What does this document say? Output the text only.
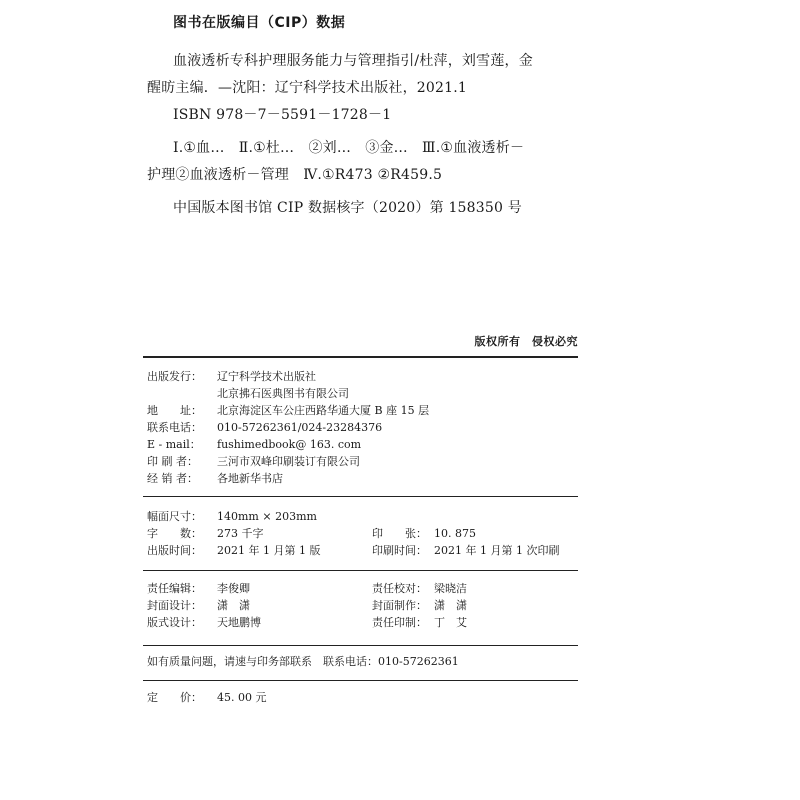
图书在版编目（CIP）数据
血液透析专科护理服务能力与管理指引/杜萍，刘雪莲，金
醒昉主编．—沈阳：辽宁科学技术出版社，2021.1
ISBN 978－7－5591－1728－1
Ⅰ.①血…　Ⅱ.①杜…　②刘…　③金…　Ⅲ.①血液透析－
护理②血液透析－管理　Ⅳ.①R473 ②R459.5
中国版本图书馆 CIP 数据核字（2020）第 158350 号
版权所有　侵权必究
出版发行：	辽宁科学技术出版社
北京拂石医典图书有限公司
地　　址：	北京海淀区车公庄西路华通大厦 B 座 15 层
联系电话：	010-57262361/024-23284376
E - mail：	fushimedbook@ 163. com
印 刷 者：	三河市双峰印刷装订有限公司
经 销 者：	各地新华书店
幅面尺寸：	140mm × 203mm
字　　数：	273 千字	印　　张： 10. 875
出版时间：	2021 年 1 月第 1 版	印刷时间： 2021 年 1 月第 1 次印刷
责任编辑：	李俊卿	责任校对： 梁晓洁
封面设计：	潇　潇	封面制作： 潇　潇
版式设计：	天地鹏博	责任印制： 丁　艾
如有质量问题，请速与印务部联系　联系电话：010-57262361
定　　价：	45. 00 元
